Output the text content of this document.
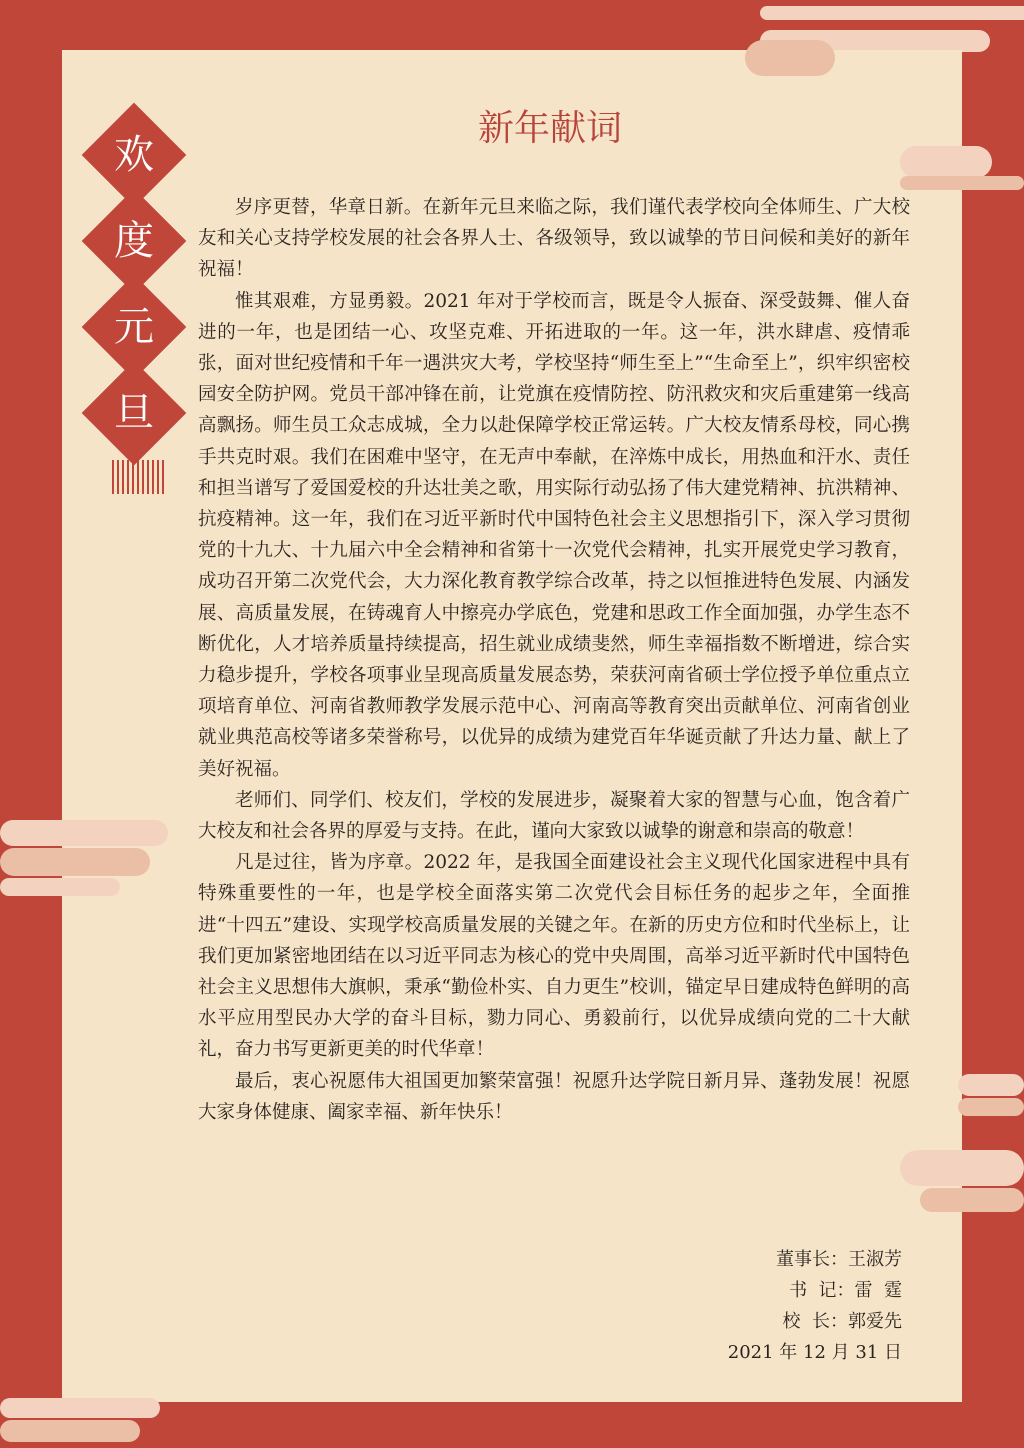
欢
度
元
旦
新年献词

岁序更替，华章日新。在新年元旦来临之际，我们谨代表学校向全体师生、广大校友和关心支持学校发展的社会各界人士、各级领导，致以诚挚的节日问候和美好的新年祝福！

惟其艰难，方显勇毅。2021 年对于学校而言，既是令人振奋、深受鼓舞、催人奋进的一年，也是团结一心、攻坚克难、开拓进取的一年。这一年，洪水肆虐、疫情乖张，面对世纪疫情和千年一遇洪灾大考，学校坚持“师生至上”“生命至上”，织牢织密校园安全防护网。党员干部冲锋在前，让党旗在疫情防控、防汛救灾和灾后重建第一线高高飘扬。师生员工众志成城，全力以赴保障学校正常运转。广大校友情系母校，同心携手共克时艰。我们在困难中坚守，在无声中奉献，在淬炼中成长，用热血和汗水、责任和担当谱写了爱国爱校的升达壮美之歌，用实际行动弘扬了伟大建党精神、抗洪精神、抗疫精神。这一年，我们在习近平新时代中国特色社会主义思想指引下，深入学习贯彻党的十九大、十九届六中全会精神和省第十一次党代会精神，扎实开展党史学习教育，成功召开第二次党代会，大力深化教育教学综合改革，持之以恒推进特色发展、内涵发展、高质量发展，在铸魂育人中擦亮办学底色，党建和思政工作全面加强，办学生态不断优化，人才培养质量持续提高，招生就业成绩斐然，师生幸福指数不断增进，综合实力稳步提升，学校各项事业呈现高质量发展态势，荣获河南省硕士学位授予单位重点立项培育单位、河南省教师教学发展示范中心、河南高等教育突出贡献单位、河南省创业就业典范高校等诸多荣誉称号，以优异的成绩为建党百年华诞贡献了升达力量、献上了美好祝福。

老师们、同学们、校友们，学校的发展进步，凝聚着大家的智慧与心血，饱含着广大校友和社会各界的厚爱与支持。在此，谨向大家致以诚挚的谢意和崇高的敬意！

凡是过往，皆为序章。2022 年，是我国全面建设社会主义现代化国家进程中具有特殊重要性的一年，也是学校全面落实第二次党代会目标任务的起步之年，全面推进“十四五”建设、实现学校高质量发展的关键之年。在新的历史方位和时代坐标上，让我们更加紧密地团结在以习近平同志为核心的党中央周围，高举习近平新时代中国特色社会主义思想伟大旗帜，秉承“勤俭朴实、自力更生”校训，锚定早日建成特色鲜明的高水平应用型民办大学的奋斗目标，勠力同心、勇毅前行，以优异成绩向党的二十大献礼，奋力书写更新更美的时代华章！

最后，衷心祝愿伟大祖国更加繁荣富强！祝愿升达学院日新月异、蓬勃发展！祝愿大家身体健康、阖家幸福、新年快乐！

董事长：王淑芳
书  记：雷  霆
校  长：郭爱先
2021 年 12 月 31 日
